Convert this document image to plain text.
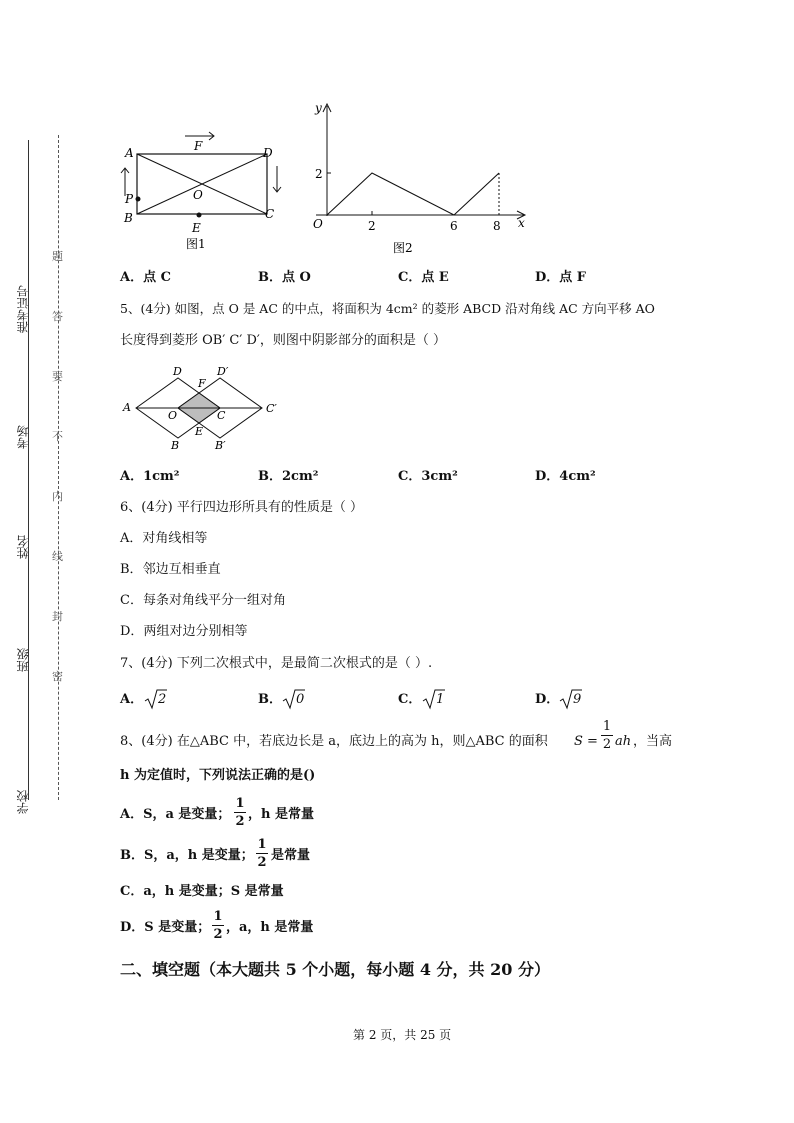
准考证号
考场
姓名
班级
学校
题
答
要
不
内
线
封
密
A	D
B	C
F
O
P
E
图1
y
x
O
2
2	6	8
图2
A．点 C	B．点 O	C．点 E	D．点 F
5、(4分) 如图，点 O 是 AC 的中点，将面积为 4cm² 的菱形 ABCD 沿对角线 AC 方向平移 AO
长度得到菱形 OB′ C′ D′，则图中阴影部分的面积是（ ）
A
D
F
D′
O	C
C′
E
B	B′
A．1cm²	B．2cm²	C．3cm²	D．4cm²
6、(4分) 平行四边形所具有的性质是（ ）
A．对角线相等
B．邻边互相垂直
C．每条对角线平分一组对角
D．两组对边分别相等
7、(4分) 下列二次根式中，是最简二次根式的是（ ）.
A． 2	B． 0	C． 1	D． 9
8、(4分) 在△ABC 中，若底边长是 a，底边上的高为 h，则△ABC 的面积 S =
1
2 ah ，当高
h 为定值时，下列说法正确的是()
A．S，a 是变量；
1
2 ，h 是常量
B．S，a，h 是变量；
1
2 是常量
C．a，h 是变量；S 是常量
D．S 是变量；
1
2 ，a，h 是常量
二、填空题（本大题共 5 个小题，每小题 4 分，共 20 分）
第 2 页，共 25 页
